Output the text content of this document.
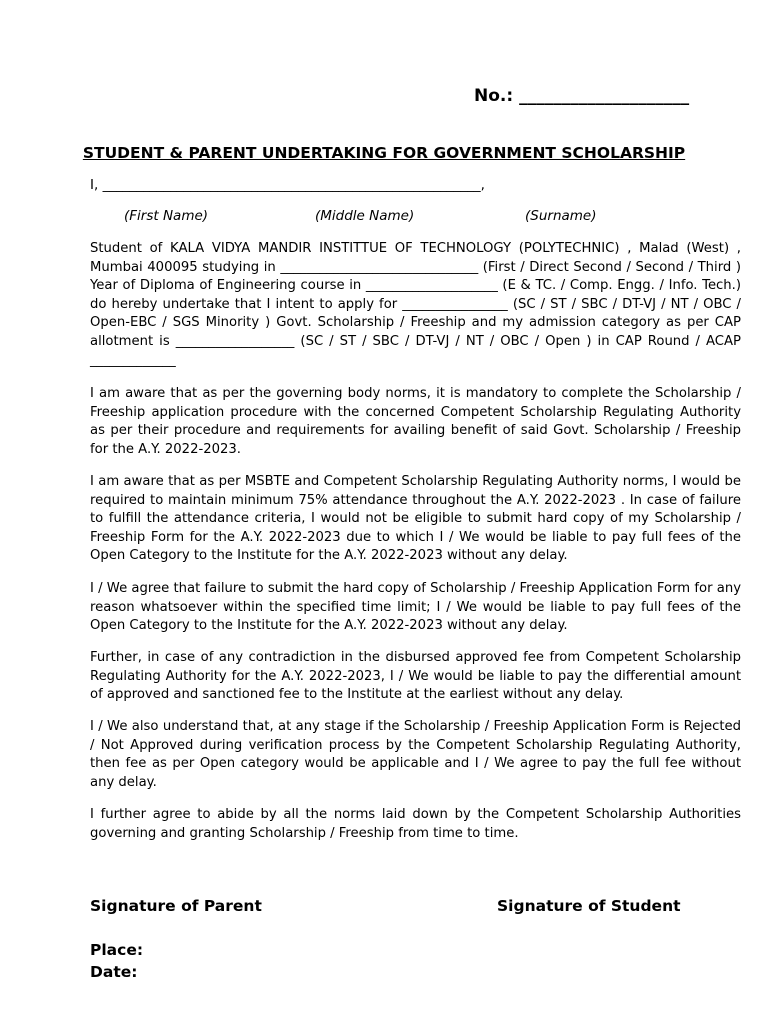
No.: ____________________
STUDENT & PARENT UNDERTAKING FOR GOVERNMENT SCHOLARSHIP
I, ________________________________________________________,
(First Name)	(Middle Name)	(Surname)

Student of KALA VIDYA MANDIR INSTITTUE OF TECHNOLOGY (POLYTECHNIC) , Malad (West) , Mumbai 400095 studying in ______________________________ (First / Direct Second / Second / Third ) Year of Diploma of Engineering course in ____________________ (E & TC. / Comp. Engg. / Info. Tech.) do hereby undertake that I intent to apply for ________________ (SC / ST / SBC / DT-VJ / NT / OBC / Open-EBC / SGS Minority ) Govt. Scholarship / Freeship and my admission category as per CAP allotment is __________________ (SC / ST / SBC / DT-VJ / NT / OBC / Open ) in CAP Round / ACAP _____________

I am aware that as per the governing body norms, it is mandatory to complete the Scholarship / Freeship application procedure with the concerned Competent Scholarship Regulating Authority as per their procedure and requirements for availing benefit of said Govt. Scholarship / Freeship for the A.Y. 2022-2023.

I am aware that as per MSBTE and Competent Scholarship Regulating Authority norms, I would be required to maintain minimum 75% attendance throughout the A.Y. 2022-2023 . In case of failure to fulfill the attendance criteria, I would not be eligible to submit hard copy of my Scholarship / Freeship Form for the A.Y. 2022-2023 due to which I / We would be liable to pay full fees of the Open Category to the Institute for the A.Y. 2022-2023 without any delay.

I / We agree that failure to submit the hard copy of Scholarship / Freeship Application Form for any reason whatsoever within the specified time limit; I / We would be liable to pay full fees of the Open Category to the Institute for the A.Y. 2022-2023 without any delay.

Further, in case of any contradiction in the disbursed approved fee from Competent Scholarship Regulating Authority for the A.Y. 2022-2023, I / We would be liable to pay the differential amount of approved and sanctioned fee to the Institute at the earliest without any delay.

I / We also understand that, at any stage if the Scholarship / Freeship Application Form is Rejected / Not Approved during verification process by the Competent Scholarship Regulating Authority, then fee as per Open category would be applicable and I / We agree to pay the full fee without any delay.

I further agree to abide by all the norms laid down by the Competent Scholarship Authorities governing and granting Scholarship / Freeship from time to time.

Signature of Parent	Signature of Student
Place:
Date:
